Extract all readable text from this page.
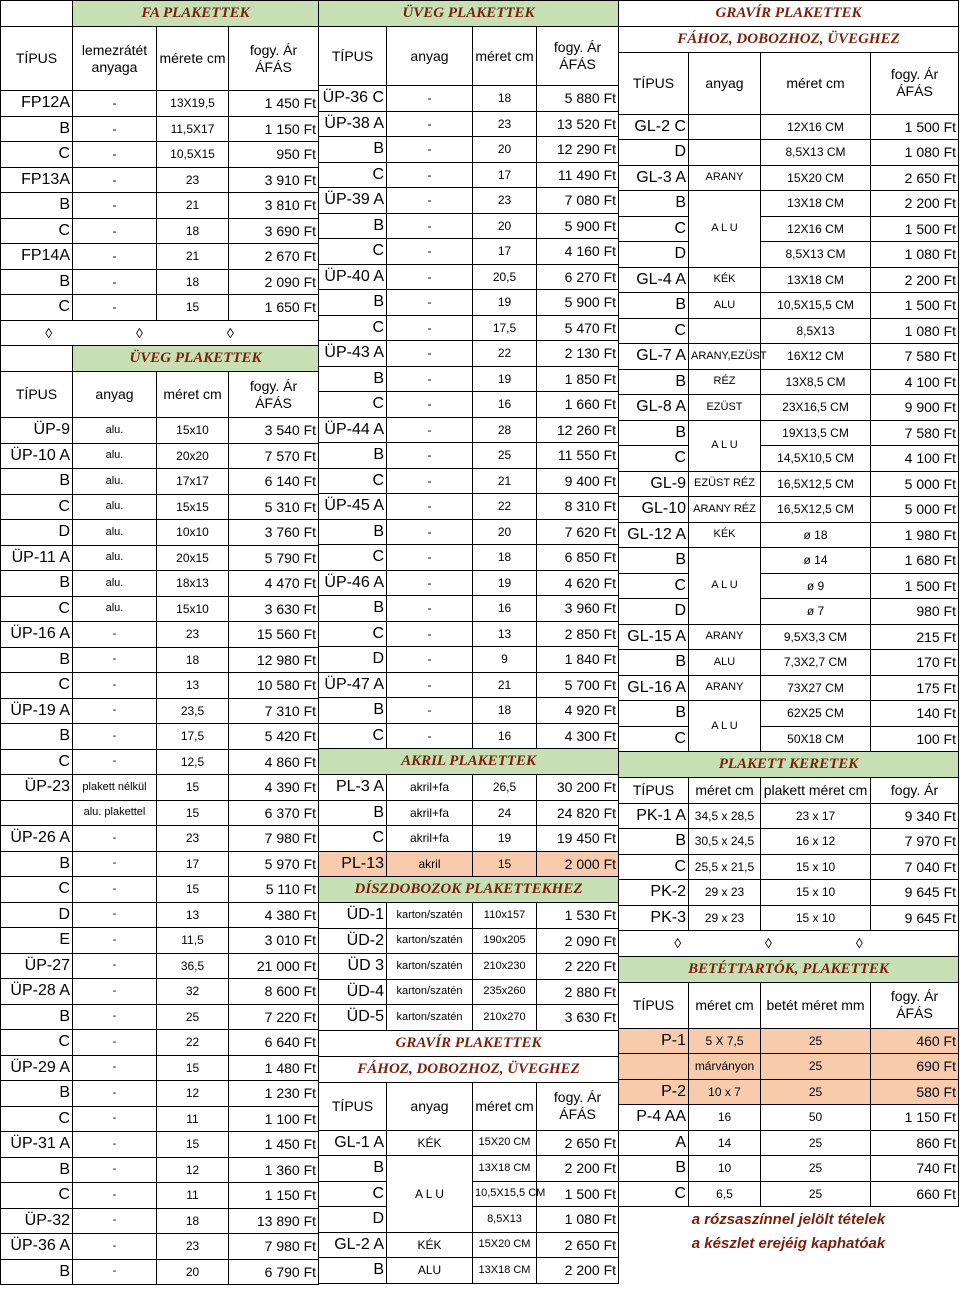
	FA PLAKETTEK		
TÍPUS	lemezrátét anyaga	mérete cm	fogy. Ár ÁFÁS
FP12A	-	13X19,5	1 450 Ft
B	-	11,5X17	1 150 Ft
C	-	10,5X15	950 Ft
FP13A	-	23	3 910 Ft
B	-	21	3 810 Ft
C	-	18	3 690 Ft
FP14A	-	21	2 670 Ft
B	-	18	2 090 Ft
C	-	15	1 650 Ft
◊ ◊ ◊			
	ÜVEG PLAKETTEK		
TÍPUS	anyag	méret cm	fogy. Ár ÁFÁS
ÜP-9	alu.	15x10	3 540 Ft
ÜP-10 A	alu.	20x20	7 570 Ft
B	alu.	17x17	6 140 Ft
C	alu.	15x15	5 310 Ft
D	alu.	10x10	3 760 Ft
ÜP-11 A	alu.	20x15	5 790 Ft
B	alu.	18x13	4 470 Ft
C	alu.	15x10	3 630 Ft
ÜP-16 A	-	23	15 560 Ft
B	-	18	12 980 Ft
C	-	13	10 580 Ft
ÜP-19 A	-	23,5	7 310 Ft
B	-	17,5	5 420 Ft
C	-	12,5	4 860 Ft
ÜP-23	plakett nélkül	15	4 390 Ft
	alu. plakettel	15	6 370 Ft
ÜP-26 A	-	23	7 980 Ft
B	-	17	5 970 Ft
C	-	15	5 110 Ft
D	-	13	4 380 Ft
E	-	11,5	3 010 Ft
ÜP-27	-	36,5	21 000 Ft
ÜP-28 A	-	32	8 600 Ft
B	-	25	7 220 Ft
C	-	22	6 640 Ft
ÜP-29 A	-	15	1 480 Ft
B	-	12	1 230 Ft
C	-	11	1 100 Ft
ÜP-31 A	-	15	1 450 Ft
B	-	12	1 360 Ft
C	-	11	1 150 Ft
ÜP-32	-	18	13 890 Ft
ÜP-36 A	-	23	7 980 Ft
B	-	20	6 790 Ft
ÜVEG PLAKETTEK			
TÍPUS	anyag	méret cm	fogy. Ár ÁFÁS
ÜP-36 C	-	18	5 880 Ft
ÜP-38 A	-	23	13 520 Ft
B	-	20	12 290 Ft
C	-	17	11 490 Ft
ÜP-39 A	-	23	7 080 Ft
B	-	20	5 900 Ft
C	-	17	4 160 Ft
ÜP-40 A	-	20,5	6 270 Ft
B	-	19	5 900 Ft
C	-	17,5	5 470 Ft
ÜP-43 A	-	22	2 130 Ft
B	-	19	1 850 Ft
C	-	16	1 660 Ft
ÜP-44 A	-	28	12 260 Ft
B	-	25	11 550 Ft
C	-	21	9 400 Ft
ÜP-45 A	-	22	8 310 Ft
B	-	20	7 620 Ft
C	-	18	6 850 Ft
ÜP-46 A	-	19	4 620 Ft
B	-	16	3 960 Ft
C	-	13	2 850 Ft
D	-	9	1 840 Ft
ÜP-47 A	-	21	5 700 Ft
B	-	18	4 920 Ft
C	-	16	4 300 Ft
AKRIL PLAKETTEK			
PL-3 A	akril+fa	26,5	30 200 Ft
B	akril+fa	24	24 820 Ft
C	akril+fa	19	19 450 Ft
PL-13	akril	15	2 000 Ft
DÍSZDOBOZOK PLAKETTEKHEZ			
ÜD-1	karton/szatén	110x157	1 530 Ft
ÜD-2	karton/szatén	190x205	2 090 Ft
ÜD 3	karton/szatén	210x230	2 220 Ft
ÜD-4	karton/szatén	235x260	2 880 Ft
ÜD-5	karton/szatén	210x270	3 630 Ft
GRAVÍR PLAKETTEK			
FÁHOZ, DOBOZHOZ, ÜVEGHEZ			
TÍPUS	anyag	méret cm	fogy. Ár ÁFÁS
GL-1 A	KÉK	15X20 CM	2 650 Ft
B	A L U	13X18 CM	2 200 Ft
C		10,5X15,5 CM	1 500 Ft
D		8,5X13	1 080 Ft
GL-2 A	KÉK	15X20 CM	2 650 Ft
B	ALU	13X18 CM	2 200 Ft
GRAVÍR PLAKETTEK			
FÁHOZ, DOBOZHOZ, ÜVEGHEZ			
TÍPUS	anyag	méret cm	fogy. Ár ÁFÁS
GL-2 C		12X16 CM	1 500 Ft
D		8,5X13 CM	1 080 Ft
GL-3 A	ARANY	15X20 CM	2 650 Ft
B	A L U	13X18 CM	2 200 Ft
C		12X16 CM	1 500 Ft
D		8,5X13 CM	1 080 Ft
GL-4 A	KÉK	13X18 CM	2 200 Ft
B	ALU	10,5X15,5 CM	1 500 Ft
C		8,5X13	1 080 Ft
GL-7 A	ARANY,EZÜST	16X12 CM	7 580 Ft
B	RÉZ	13X8,5 CM	4 100 Ft
GL-8 A	EZÜST	23X16,5 CM	9 900 Ft
B	A L U	19X13,5 CM	7 580 Ft
C		14,5X10,5 CM	4 100 Ft
GL-9	EZÜST RÉZ	16,5X12,5 CM	5 000 Ft
GL-10	ARANY RÉZ	16,5X12,5 CM	5 000 Ft
GL-12 A	KÉK	ø 18	1 980 Ft
B	A L U	ø 14	1 680 Ft
C		ø 9	1 500 Ft
D		ø 7	980 Ft
GL-15 A	ARANY	9,5X3,3 CM	215 Ft
B	ALU	7,3X2,7 CM	170 Ft
GL-16 A	ARANY	73X27 CM	175 Ft
B	A L U	62X25 CM	140 Ft
C		50X18 CM	100 Ft
PLAKETT KERETEK			
TÍPUS	méret cm	plakett méret cm	fogy. Ár
PK-1 A	34,5 x 28,5	23 x 17	9 340 Ft
B	30,5 x 24,5	16 x 12	7 970 Ft
C	25,5 x 21,5	15 x 10	7 040 Ft
PK-2	29 x 23	15 x 10	9 645 Ft
PK-3	29 x 23	15 x 10	9 645 Ft
◊ ◊ ◊			
BETÉTTARTÓK, PLAKETTEK			
TÍPUS	méret cm	betét méret mm	fogy. Ár ÁFÁS
P-1	5 X 7,5	25	460 Ft
	márványon	25	690 Ft
P-2	10 x 7	25	580 Ft
P-4 AA	16	50	1 150 Ft
A	14	25	860 Ft
B	10	25	740 Ft
C	6,5	25	660 Ft
a rózsaszínnel jelölt tételek			
a készlet erejéig kaphatóak			
